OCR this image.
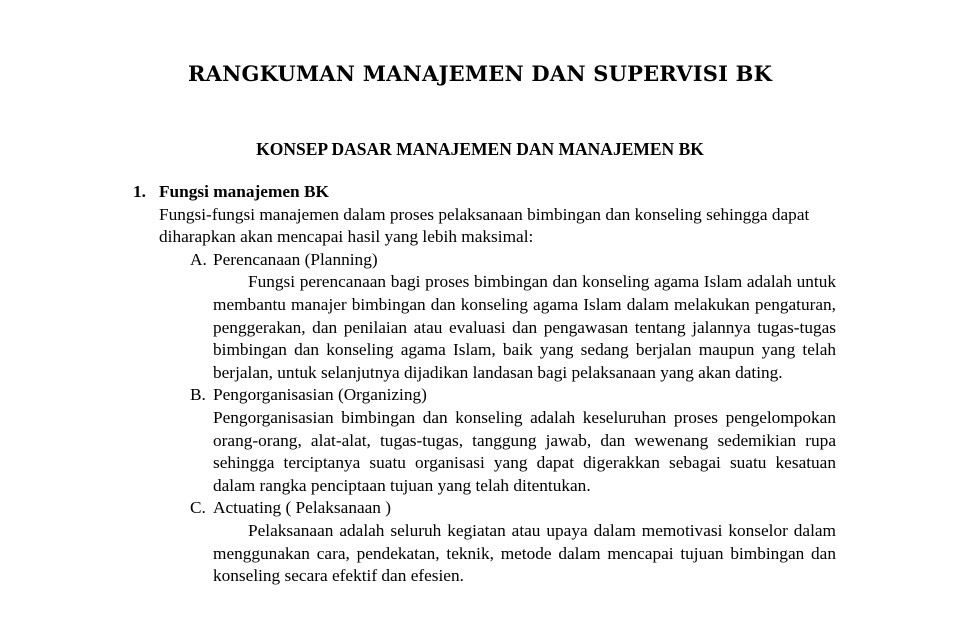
RANGKUMAN MANAJEMEN DAN SUPERVISI BK
KONSEP DASAR MANAJEMEN DAN MANAJEMEN BK
1. Fungsi manajemen BK

Fungsi-fungsi manajemen dalam proses pelaksanaan bimbingan dan konseling sehingga dapat diharapkan akan mencapai hasil yang lebih maksimal:

A. Perencanaan (Planning)

Fungsi perencanaan bagi proses bimbingan dan konseling agama Islam adalah untuk membantu manajer bimbingan dan konseling agama Islam dalam melakukan pengaturan, penggerakan, dan penilaian atau evaluasi dan pengawasan tentang jalannya tugas-tugas bimbingan dan konseling agama Islam, baik yang sedang berjalan maupun yang telah berjalan, untuk selanjutnya dijadikan landasan bagi pelaksanaan yang akan dating.

B. Pengorganisasian (Organizing)

Pengorganisasian bimbingan dan konseling adalah keseluruhan proses pengelompokan orang-orang, alat-alat, tugas-tugas, tanggung jawab, dan wewenang sedemikian rupa sehingga terciptanya suatu organisasi yang dapat digerakkan sebagai suatu kesatuan dalam rangka penciptaan tujuan yang telah ditentukan.

C. Actuating ( Pelaksanaan )

Pelaksanaan adalah seluruh kegiatan atau upaya dalam memotivasi konselor dalam menggunakan cara, pendekatan, teknik, metode dalam mencapai tujuan bimbingan dan konseling secara efektif dan efesien.
